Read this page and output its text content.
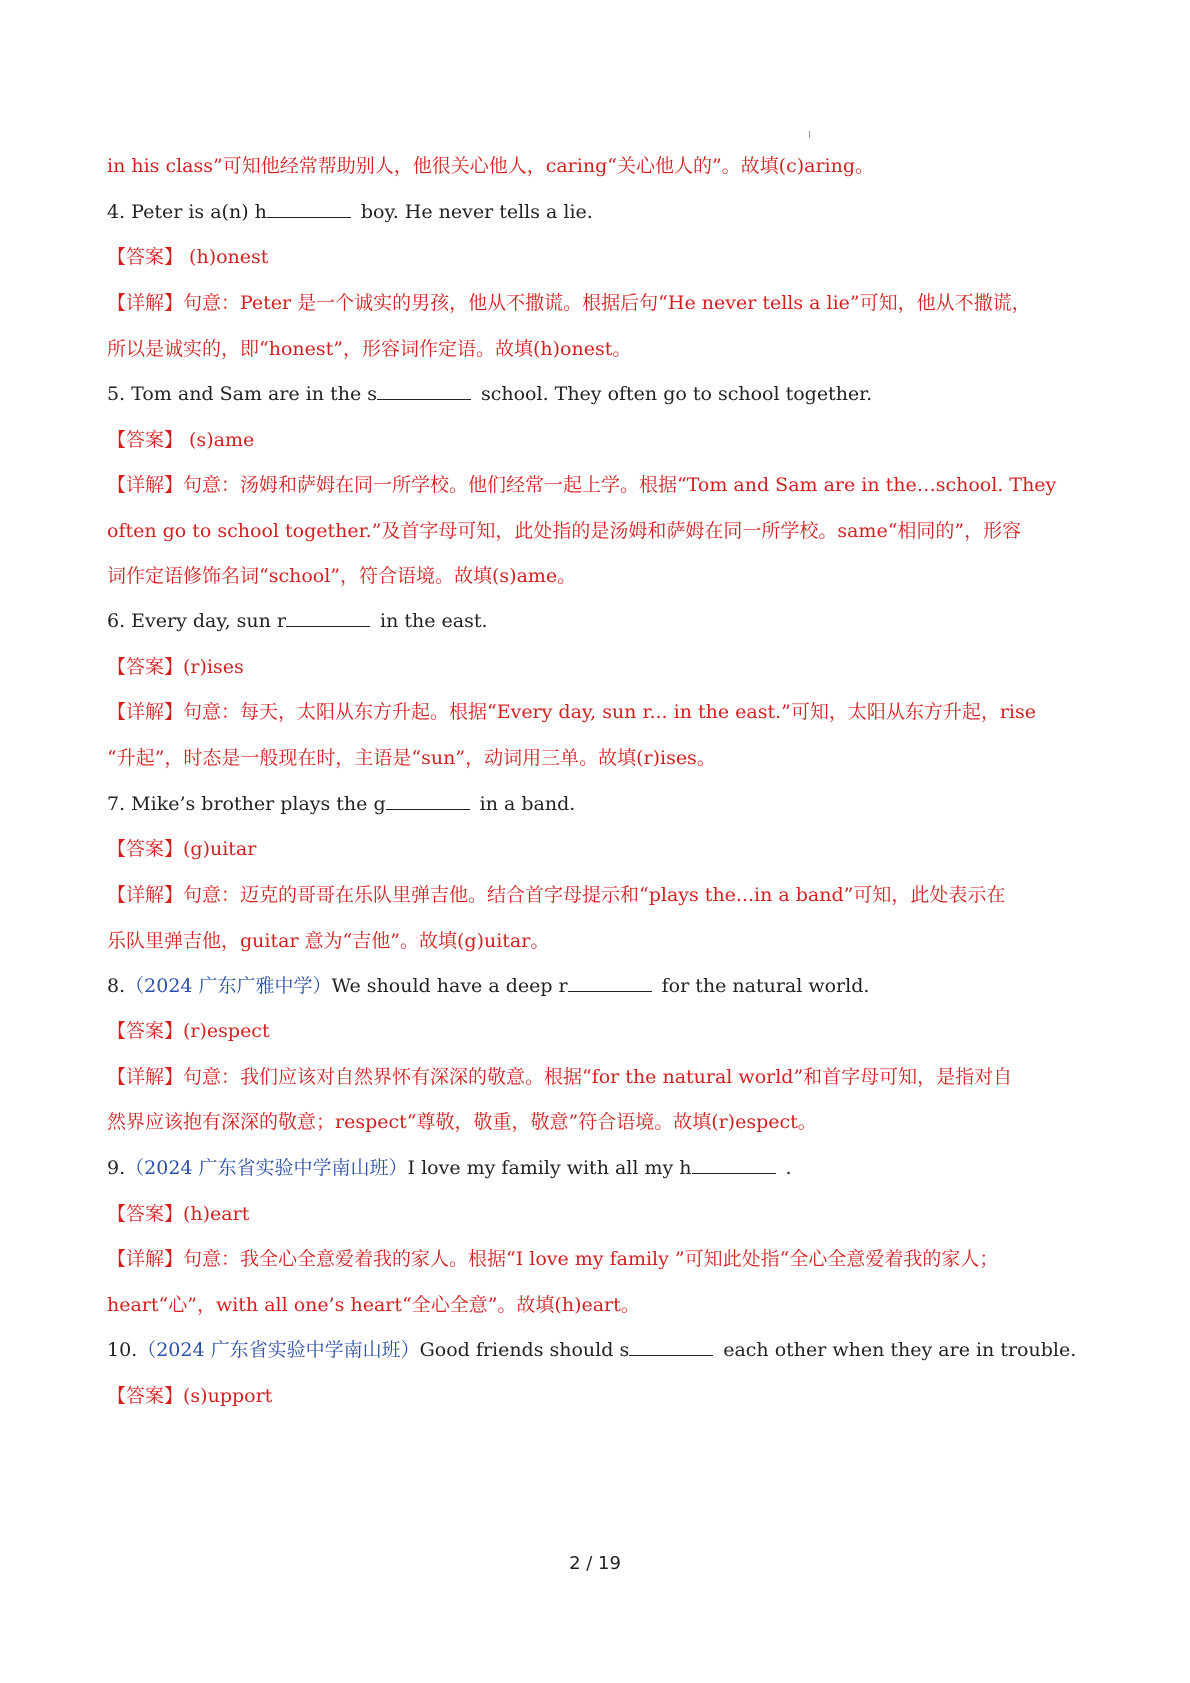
in his class”可知他经常帮助别人，他很关心他人，caring“关心他人的”。故填(c)aring。
4. Peter is a(n) h	boy. He never tells a lie.
【答案】 (h)onest
【详解】句意：Peter 是一个诚实的男孩，他从不撒谎。根据后句“He never tells a lie”可知，他从不撒谎，
所以是诚实的，即“honest”，形容词作定语。故填(h)onest。
5. Tom and Sam are in the s	school. They often go to school together.
【答案】 (s)ame
【详解】句意：汤姆和萨姆在同一所学校。他们经常一起上学。根据“Tom and Sam are in the…school. They
often go to school together.”及首字母可知，此处指的是汤姆和萨姆在同一所学校。same“相同的”，形容
词作定语修饰名词“school”，符合语境。故填(s)ame。
6. Every day, sun r	in the east.
【答案】(r)ises
【详解】句意：每天，太阳从东方升起。根据“Every day, sun r... in the east.”可知，太阳从东方升起，rise
“升起”，时态是一般现在时，主语是“sun”，动词用三单。故填(r)ises。
7. Mike’s brother plays the g	in a band.
【答案】(g)uitar
【详解】句意：迈克的哥哥在乐队里弹吉他。结合首字母提示和“plays the...in a band”可知，此处表示在
乐队里弹吉他，guitar 意为“吉他”。故填(g)uitar。
8.（2024 广东广雅中学）We should have a deep r	for the natural world.
【答案】(r)espect
【详解】句意：我们应该对自然界怀有深深的敬意。根据“for the natural world”和首字母可知，是指对自
然界应该抱有深深的敬意；respect“尊敬，敬重，敬意”符合语境。故填(r)espect。
9.（2024 广东省实验中学南山班）I love my family with all my h	.
【答案】(h)eart
【详解】句意：我全心全意爱着我的家人。根据“I love my family ”可知此处指“全心全意爱着我的家人；
heart“心”，with all one’s heart“全心全意”。故填(h)eart。
10.（2024 广东省实验中学南山班）Good friends should s	each other when they are in trouble.
【答案】(s)upport
2 / 19
